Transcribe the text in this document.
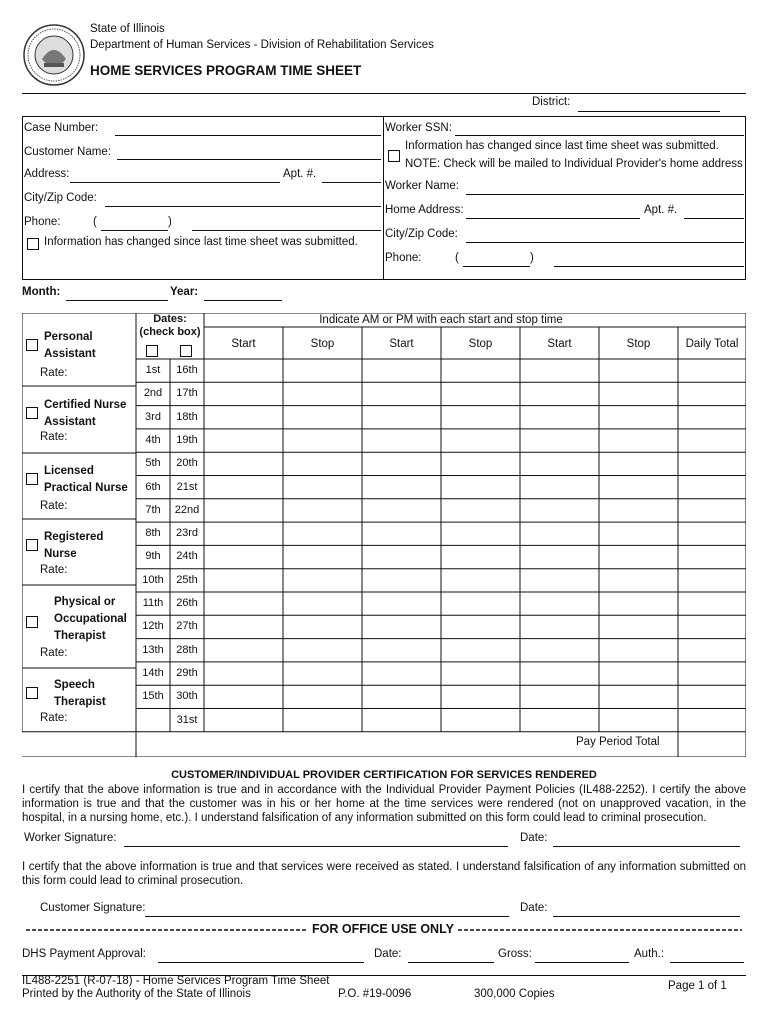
State of Illinois
Department of Human Services - Division of Rehabilitation Services
HOME SERVICES PROGRAM TIME SHEET
District:
Case Number:
Customer Name:
Address:	Apt. #.
City/Zip Code:
Phone:	(	)
Information has changed since last time sheet was submitted.
Worker SSN:
Information has changed since last time sheet was submitted.
NOTE: Check will be mailed to Individual Provider's home address
Worker Name:
Home Address:	Apt. #.
City/Zip Code:
Phone:	(	)
Month:	Year:
Dates:
(check box)
Indicate AM or PM with each start and stop time
Start	Stop	Start	Stop	Start	Stop	Daily Total
1st	16th
2nd	17th
3rd	18th
4th	19th
5th	20th
6th	21st
7th	22nd
8th	23rd
9th	24th
10th	25th
11th	26th
12th	27th
13th	28th
14th	29th
15th	30th
31st
Personal
Assistant
Rate:
Certified Nurse
Assistant
Rate:
Licensed
Practical Nurse
Rate:
Registered
Nurse
Rate:
Physical or
Occupational
Therapist
Rate:
Speech
Therapist
Rate:
Pay Period Total
CUSTOMER/INDIVIDUAL PROVIDER CERTIFICATION FOR SERVICES RENDERED
I certify that the above information is true and in accordance with the Individual Provider Payment Policies (IL488-2252). I certify the above information is true and that the customer was in his or her home at the time services were rendered (not on unapproved vacation, in the hospital, in a nursing home, etc.). I understand falsification of any information submitted on this form could lead to criminal prosecution.
Worker Signature:	Date:
I certify that the above information is true and that services were received as stated. I understand falsification of any information submitted on this form could lead to criminal prosecution.
Customer Signature:	Date:
FOR OFFICE USE ONLY
DHS Payment Approval:	Date:	Gross:	Auth.:
IL488-2251 (R-07-18) - Home Services Program Time Sheet
Printed by the Authority of the State of Illinois	P.O. #19-0096	300,000 Copies
Page 1 of 1
